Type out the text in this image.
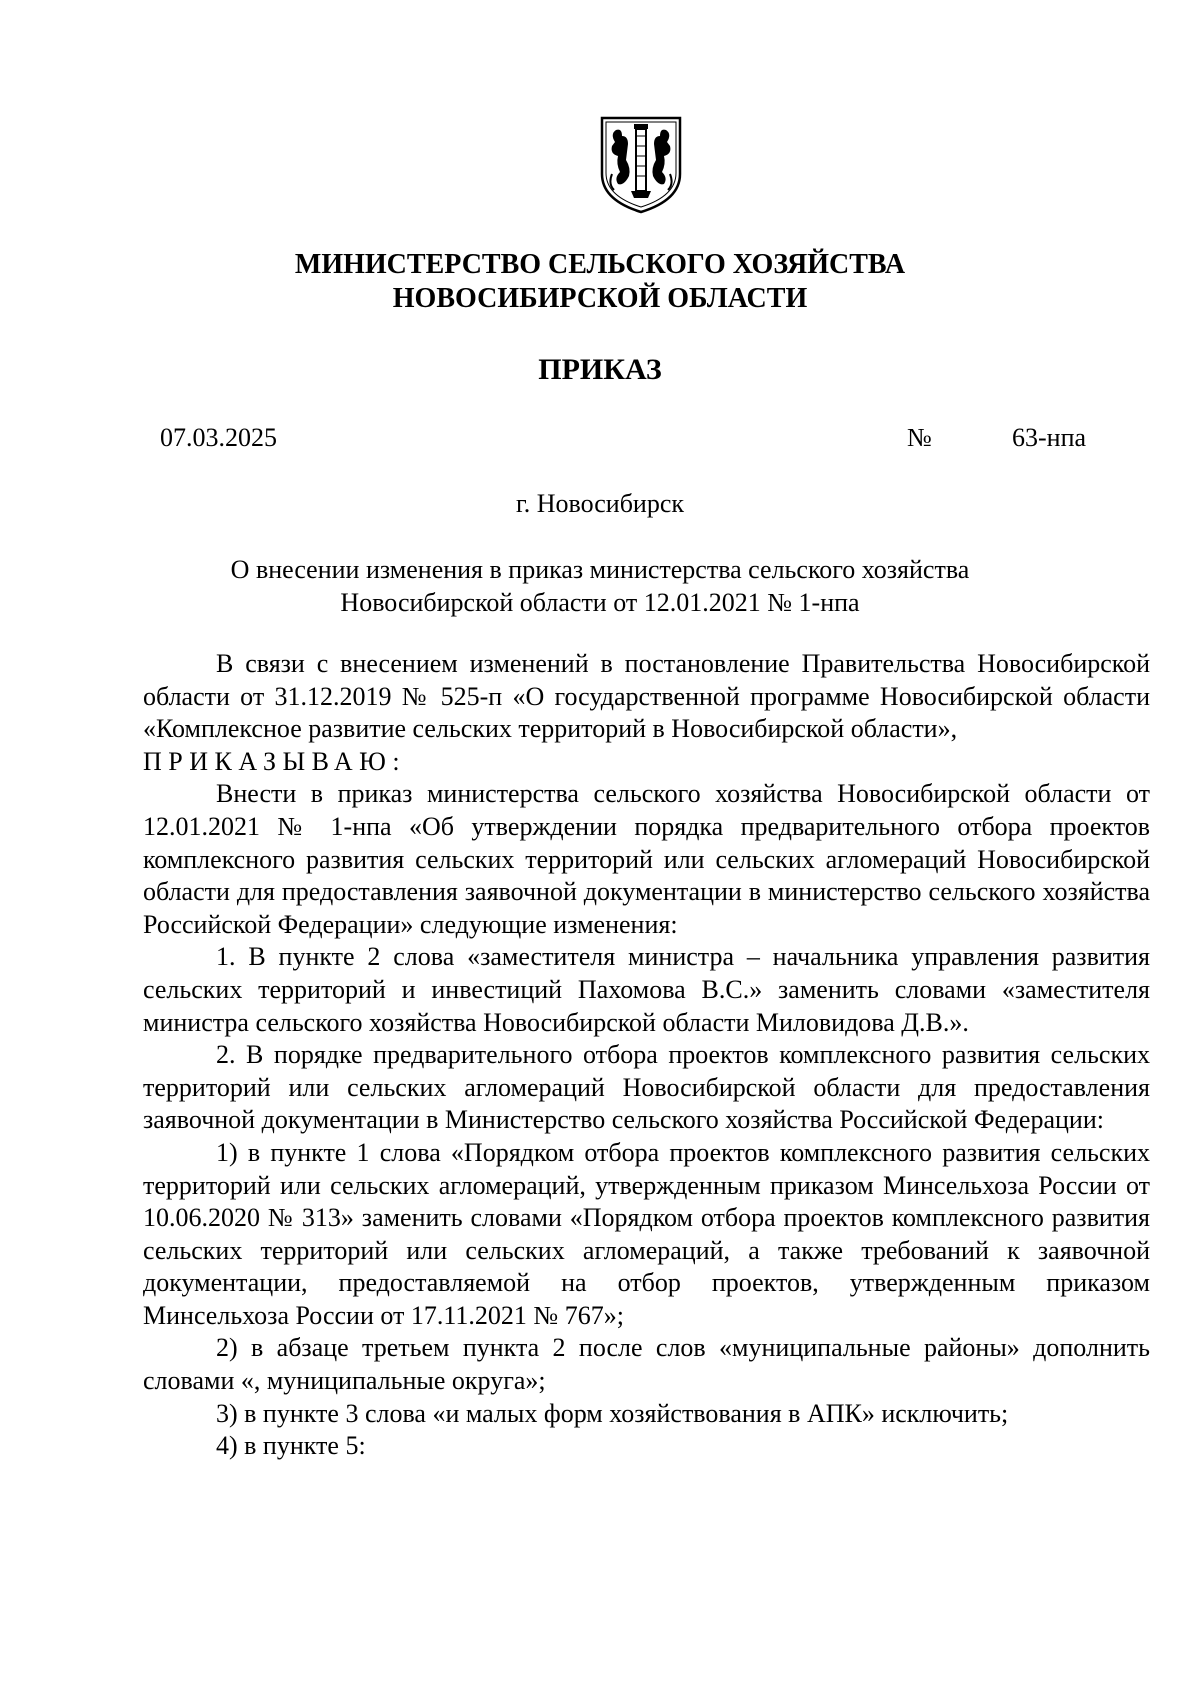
МИНИСТЕРСТВО СЕЛЬСКОГО ХОЗЯЙСТВА
НОВОСИБИРСКОЙ ОБЛАСТИ
ПРИКАЗ
07.03.2025	№	63-нпа
г. Новосибирск
О внесении изменения в приказ министерства сельского хозяйства
Новосибирской области от 12.01.2021 № 1-нпа

В связи с внесением изменений в постановление Правительства Новосибирской области от 31.12.2019 № 525-п «О государственной программе Новосибирской области «Комплексное развитие сельских территорий в Новосибирской области»,

ПРИКАЗЫВАЮ:

Внести в приказ министерства сельского хозяйства Новосибирской области от 12.01.2021 № 1-нпа «Об утверждении порядка предварительного отбора проектов комплексного развития сельских территорий или сельских агломераций Новосибирской области для предоставления заявочной документации в министерство сельского хозяйства Российской Федерации» следующие изменения:

1. В пункте 2 слова «заместителя министра – начальника управления развития сельских территорий и инвестиций Пахомова В.С.» заменить словами «заместителя министра сельского хозяйства Новосибирской области Миловидова Д.В.».

2. В порядке предварительного отбора проектов комплексного развития сельских территорий или сельских агломераций Новосибирской области для предоставления заявочной документации в Министерство сельского хозяйства Российской Федерации:

1) в пункте 1 слова «Порядком отбора проектов комплексного развития сельских территорий или сельских агломераций, утвержденным приказом Минсельхоза России от 10.06.2020 № 313» заменить словами «Порядком отбора проектов комплексного развития сельских территорий или сельских агломераций, а также требований к заявочной документации, предоставляемой на отбор проектов, утвержденным приказом Минсельхоза России от 17.11.2021 № 767»;

2) в абзаце третьем пункта 2 после слов «муниципальные районы» дополнить словами «, муниципальные округа»;

3) в пункте 3 слова «и малых форм хозяйствования в АПК» исключить;

4) в пункте 5:
